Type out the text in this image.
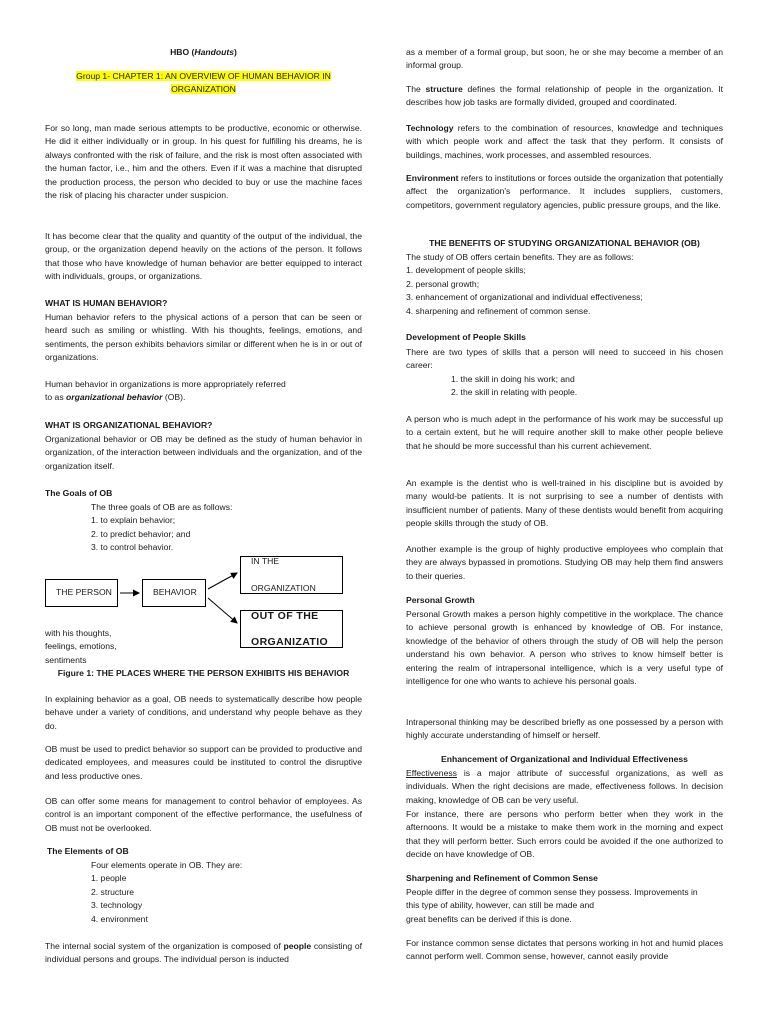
HBO (Handouts)

Group 1- CHAPTER 1: AN OVERVIEW OF HUMAN BEHAVIOR IN
ORGANIZATION

For so long, man made serious attempts to be productive, economic or otherwise. He did it either individually or in group. In his quest for fulfilling his dreams, he is always confronted with the risk of failure, and the risk is most often associated with the human factor, i.e., him and the others. Even if it was a machine that disrupted the production process, the person who decided to buy or use the machine faces the risk of placing his character under suspicion.

It has become clear that the quality and quantity of the output of the individual, the group, or the organization depend heavily on the actions of the person. It follows that those who have knowledge of human behavior are better equipped to interact with individuals, groups, or organizations.

WHAT IS HUMAN BEHAVIOR?

Human behavior refers to the physical actions of a person that can be seen or heard such as smiling or whistling. With his thoughts, feelings, emotions, and sentiments, the person exhibits behaviors similar or different when he is in or out of organizations.

Human behavior in organizations is more appropriately referred
to as organizational behavior (OB).

WHAT IS ORGANIZATIONAL BEHAVIOR?

Organizational behavior or OB may be defined as the study of human behavior in organization, of the interaction between individuals and the organization, and of the organization itself.

The Goals of OB

The three goals of OB are as follows:

1. to explain behavior;

2. to predict behavior; and

3. to control behavior.

THE PERSON	BEHAVIOR
IN THE

ORGANIZATION
OUT OF THE

ORGANIZATIO

with his thoughts,

feelings, emotions,

sentiments

Figure 1: THE PLACES WHERE THE PERSON EXHIBITS HIS BEHAVIOR

In explaining behavior as a goal, OB needs to systematically describe how people behave under a variety of conditions, and understand why people behave as they do.

OB must be used to predict behavior so support can be provided to productive and dedicated employees, and measures could be instituted to control the disruptive and less productive ones.

OB can offer some means for management to control behavior of employees. As control is an important component of the effective performance, the usefulness of OB must not be overlooked.

The Elements of OB

Four elements operate in OB. They are:

1. people

2. structure

3. technology

4. environment

The internal social system of the organization is composed of people consisting of individual persons and groups. The individual person is inducted

as a member of a formal group, but soon, he or she may become a member of an informal group.

The structure defines the formal relationship of people in the organization. It describes how job tasks are formally divided, grouped and coordinated.

Technology refers to the combination of resources, knowledge and techniques with which people work and affect the task that they perform. It consists of buildings, machines, work processes, and assembled resources.

Environment refers to institutions or forces outside the organization that potentially affect the organization's performance. It includes suppliers, customers, competitors, government regulatory agencies, public pressure groups, and the like.

THE BENEFITS OF STUDYING ORGANIZATIONAL BEHAVIOR (OB)

The study of OB offers certain benefits. They are as follows:

1. development of people skills;

2. personal growth;

3. enhancement of organizational and individual effectiveness;

4. sharpening and refinement of common sense.

Development of People Skills

There are two types of skills that a person will need to succeed in his chosen career:

1. the skill in doing his work; and

2. the skill in relating with people.

A person who is much adept in the performance of his work may be successful up to a certain extent, but he will require another skill to make other people believe that he should be more successful than his current achievement.

An example is the dentist who is well-trained in his discipline but is avoided by many would-be patients. It is not surprising to see a number of dentists with insufficient number of patients. Many of these dentists would benefit from acquiring people skills through the study of OB.

Another example is the group of highly productive employees who complain that they are always bypassed in promotions. Studying OB may help them find answers to their queries.

Personal Growth

Personal Growth makes a person highly competitive in the workplace. The chance to achieve personal growth is enhanced by knowledge of OB. For instance, knowledge of the behavior of others through the study of OB will help the person understand his own behavior. A person who strives to know himself better is entering the realm of intrapersonal intelligence, which is a very useful type of intelligence for one who wants to achieve his personal goals.

Intrapersonal thinking may be described briefly as one possessed by a person with highly accurate understanding of himself or herself.

Enhancement of Organizational and Individual Effectiveness

Effectiveness is a major attribute of successful organizations, as well as individuals. When the right decisions are made, effectiveness follows. In decision making, knowledge of OB can be very useful.

For instance, there are persons who perform better when they work in the afternoons. It would be a mistake to make them work in the morning and expect that they will perform better. Such errors could be avoided if the one authorized to decide on have knowledge of OB.

Sharpening and Refinement of Common Sense

People differ in the degree of common sense they possess. Improvements in

this type of ability, however, can still be made and

great benefits can be derived if this is done.

For instance common sense dictates that persons working in hot and humid places cannot perform well. Common sense, however, cannot easily provide
